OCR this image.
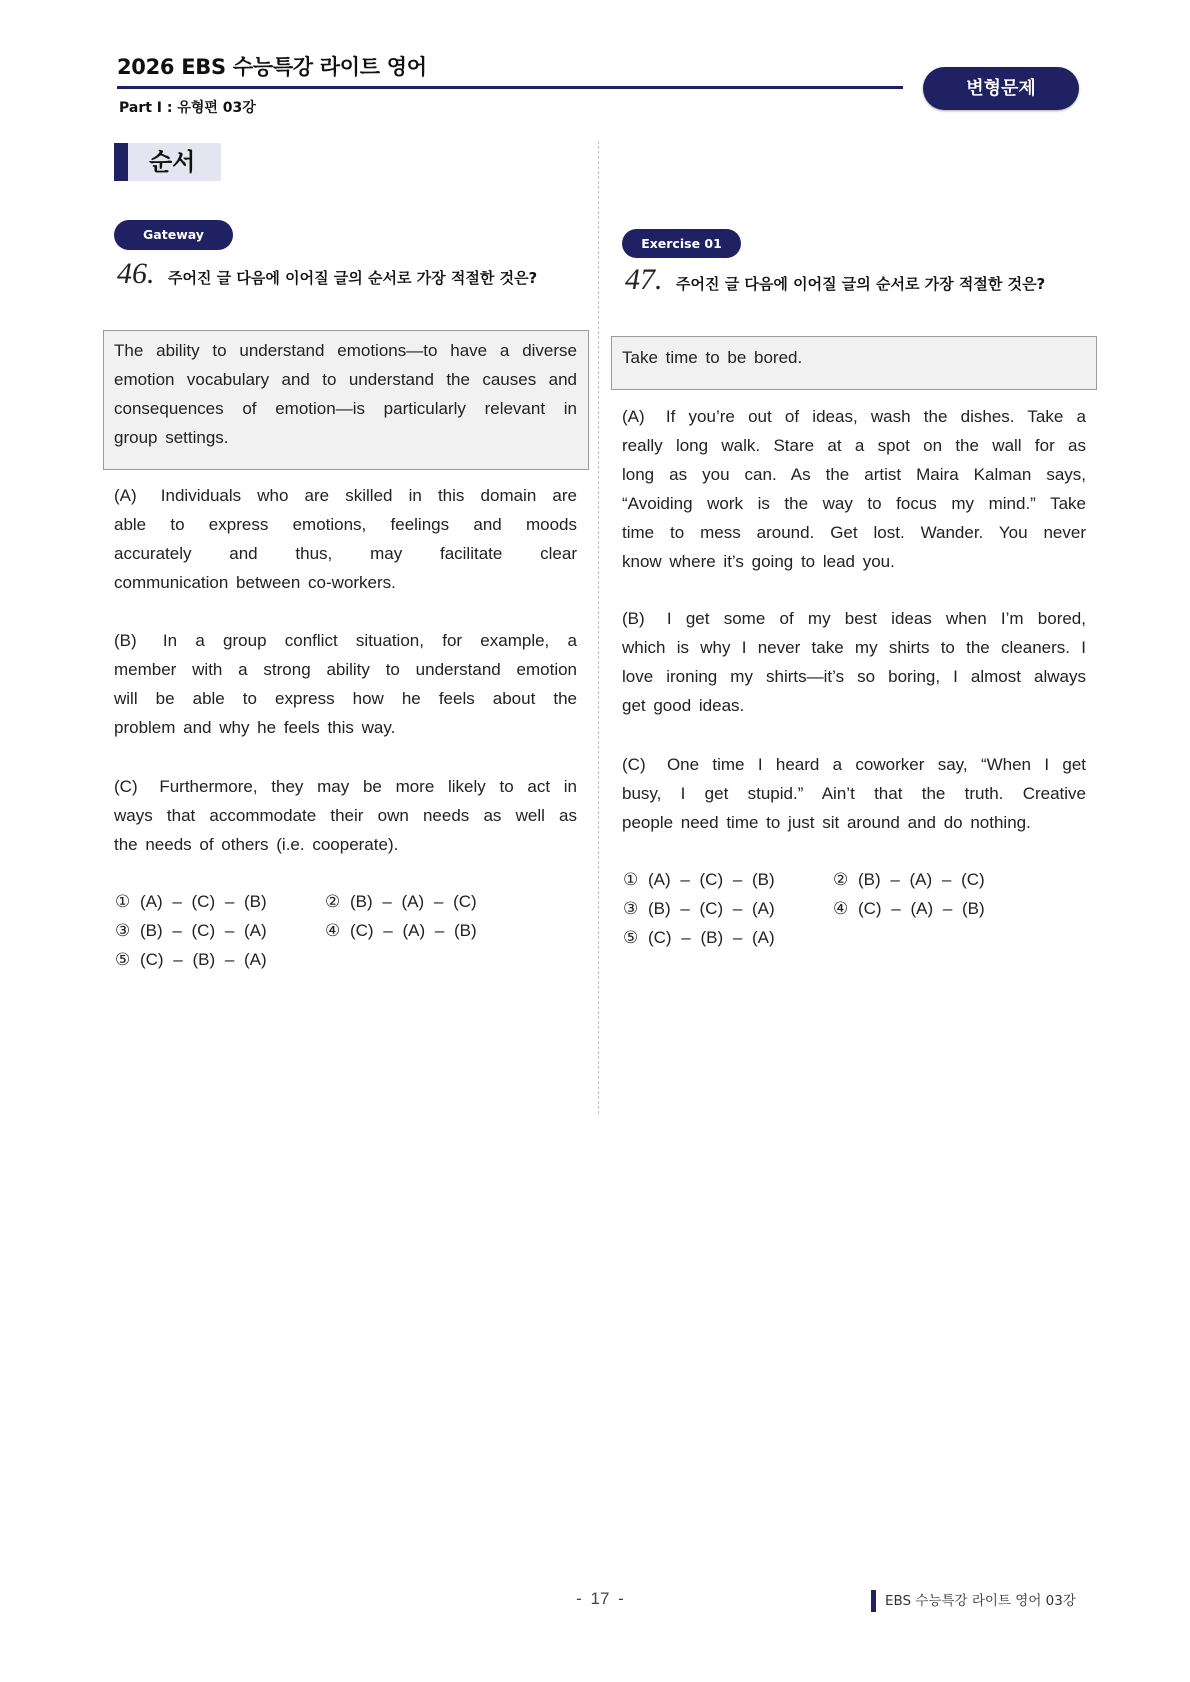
2026 EBS 수능특강 라이트 영어
Part Ⅰ : 유형편 03강
변형문제
순서
Gateway
46. 주어진 글 다음에 이어질 글의 순서로 가장 적절한 것은?
The ability to understand emotions—to have a diverse
emotion vocabulary and to understand the causes and
consequences of emotion—is particularly relevant in
group settings.
(A) Individuals who are skilled in this domain are
able to express emotions, feelings and moods
accurately and thus, may facilitate clear
communication between co-workers.
(B) In a group conflict situation, for example, a
member with a strong ability to understand emotion
will be able to express how he feels about the
problem and why he feels this way.
(C) Furthermore, they may be more likely to act in
ways that accommodate their own needs as well as
the needs of others (i.e. cooperate).
① (A) – (C) – (B)	② (B) – (A) – (C)
③ (B) – (C) – (A)	④ (C) – (A) – (B)
⑤ (C) – (B) – (A)
Exercise 01
47. 주어진 글 다음에 이어질 글의 순서로 가장 적절한 것은?
Take time to be bored.
(A) If you’re out of ideas, wash the dishes. Take a
really long walk. Stare at a spot on the wall for as
long as you can. As the artist Maira Kalman says,
“Avoiding work is the way to focus my mind.” Take
time to mess around. Get lost. Wander. You never
know where it’s going to lead you.
(B) I get some of my best ideas when I’m bored,
which is why I never take my shirts to the cleaners. I
love ironing my shirts—it’s so boring, I almost always
get good ideas.
(C) One time I heard a coworker say, “When I get
busy, I get stupid.” Ain’t that the truth. Creative
people need time to just sit around and do nothing.
① (A) – (C) – (B)	② (B) – (A) – (C)
③ (B) – (C) – (A)	④ (C) – (A) – (B)
⑤ (C) – (B) – (A)
- 17 -	EBS 수능특강 라이트 영어 03강
